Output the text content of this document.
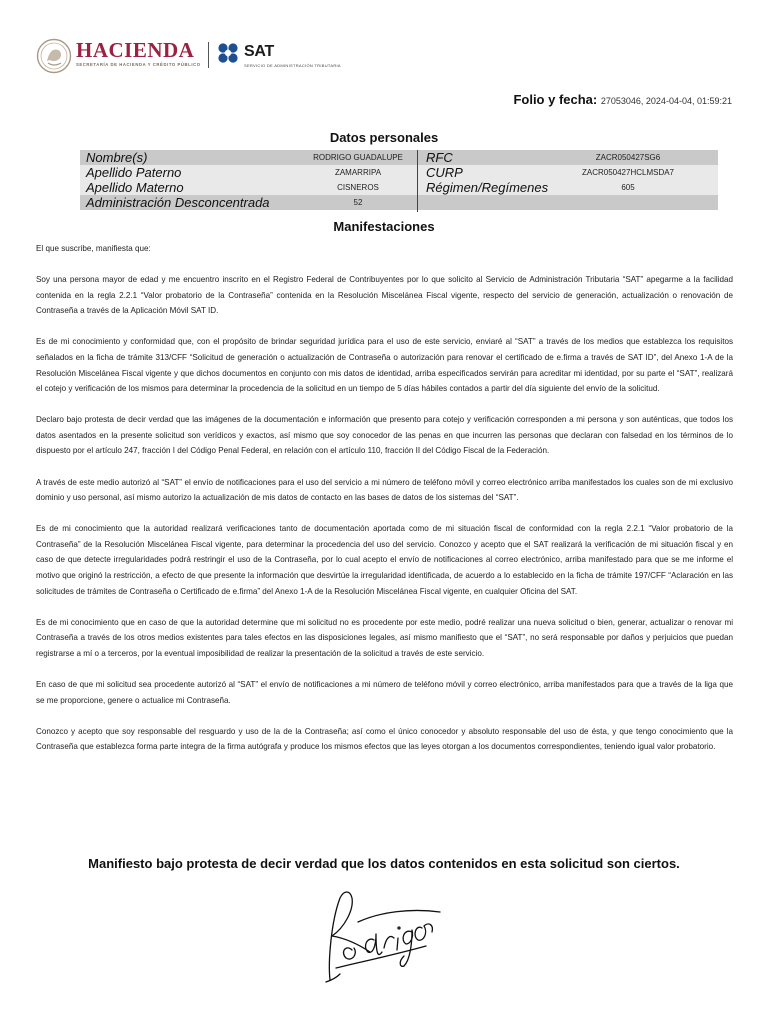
HACIENDA
SECRETARÍA DE HACIENDA Y CRÉDITO PÚBLICO
SAT
SERVICIO DE ADMINISTRACIÓN TRIBUTARIA
Folio y fecha: 27053046, 2024-04-04, 01:59:21
Datos personales
Nombre(s)	RODRIGO GUADALUPE	RFC	ZACR050427SG6
Apellido Paterno	ZAMARRIPA	CURP	ZACR050427HCLMSDA7
Apellido Materno	CISNEROS	Régimen/Regímenes	605
Administración Desconcentrada	52
Manifestaciones

El que suscribe, manifiesta que:

Soy una persona mayor de edad y me encuentro inscrito en el Registro Federal de Contribuyentes por lo que solicito al Servicio de Administración Tributaria “SAT” apegarme a la facilidad contenida en la regla 2.2.1 “Valor probatorio de la Contraseña” contenida en la Resolución Miscelánea Fiscal vigente, respecto del servicio de generación, actualización o renovación de Contraseña a través de la Aplicación Móvil SAT ID.

Es de mi conocimiento y conformidad que, con el propósito de brindar seguridad jurídica para el uso de este servicio, enviaré al “SAT” a través de los medios que establezca los requisitos señalados en la ficha de trámite 313/CFF “Solicitud de generación o actualización de Contraseña o autorización para renovar el certificado de e.firma a través de SAT ID”, del Anexo 1-A de la Resolución Miscelánea Fiscal vigente y que dichos documentos en conjunto con mis datos de identidad, arriba especificados servirán para acreditar mi identidad, por su parte el “SAT”, realizará el cotejo y verificación de los mismos para determinar la procedencia de la solicitud en un tiempo de 5 días hábiles contados a partir del día siguiente del envío de la solicitud.

Declaro bajo protesta de decir verdad que las imágenes de la documentación e información que presento para cotejo y verificación corresponden a mi persona y son auténticas, que todos los datos asentados en la presente solicitud son verídicos y exactos, así mismo que soy conocedor de las penas en que incurren las personas que declaran con falsedad en los términos de lo dispuesto por el artículo 247, fracción I del Código Penal Federal, en relación con el artículo 110, fracción II del Código Fiscal de la Federación.

A través de este medio autorizó al “SAT” el envío de notificaciones para el uso del servicio a mi número de teléfono móvil y correo electrónico arriba manifestados los cuales son de mi exclusivo dominio y uso personal, así mismo autorizo la actualización de mis datos de contacto en las bases de datos de los sistemas del “SAT”.

Es de mi conocimiento que la autoridad realizará verificaciones tanto de documentación aportada como de mi situación fiscal de conformidad con la regla 2.2.1 “Valor probatorio de la Contraseña” de la Resolución Miscelánea Fiscal vigente, para determinar la procedencia del uso del servicio. Conozco y acepto que el SAT realizará la verificación de mi situación fiscal y en caso de que detecte irregularidades podrá restringir el uso de la Contraseña, por lo cual acepto el envío de notificaciones al correo electrónico, arriba manifestado para que se me informe el motivo que originó la restricción, a efecto de que presente la información que desvirtúe la irregularidad identificada, de acuerdo a lo establecido en la ficha de trámite 197/CFF “Aclaración en las solicitudes de trámites de Contraseña o Certificado de e.firma” del Anexo 1-A de la Resolución Miscelánea Fiscal vigente, en cualquier Oficina del SAT.

Es de mi conocimiento que en caso de que la autoridad determine que mi solicitud no es procedente por este medio, podré realizar una nueva solicitud o bien, generar, actualizar o renovar mi Contraseña a través de los otros medios existentes para tales efectos en las disposiciones legales, así mismo manifiesto que el “SAT”, no será responsable por daños y perjuicios que puedan registrarse a mí o a terceros, por la eventual imposibilidad de realizar la presentación de la solicitud a través de este servicio.

En caso de que mi solicitud sea procedente autorizó al “SAT” el envío de notificaciones a mi número de teléfono móvil y correo electrónico, arriba manifestados para que a través de la liga que se me proporcione, genere o actualice mi Contraseña.

Conozco y acepto que soy responsable del resguardo y uso de la de la Contraseña; así como el único conocedor y absoluto responsable del uso de ésta, y que tengo conocimiento que la Contraseña que establezca forma parte integra de la firma autógrafa y produce los mismos efectos que las leyes otorgan a los documentos correspondientes, teniendo igual valor probatorio.

Manifiesto bajo protesta de decir verdad que los datos contenidos en esta solicitud son ciertos.
